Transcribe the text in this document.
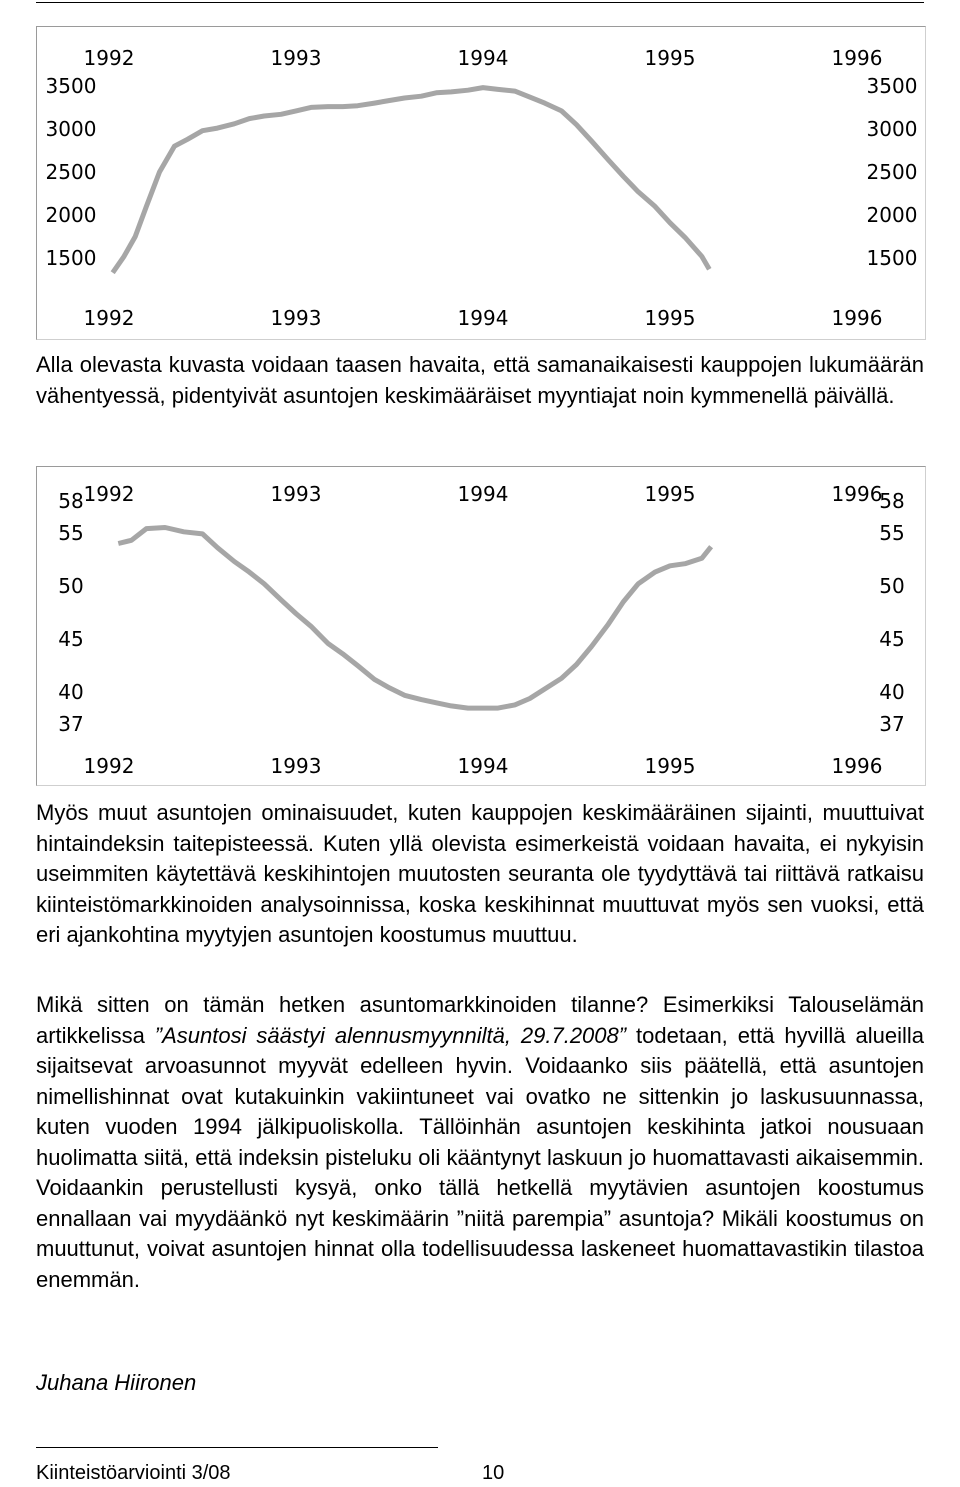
1992	1993	1994	1995	1996
1992	1993	1994	1995	1996
3500	3500
3000	3000
2500	2500
2000	2000
1500	1500

Alla olevasta kuvasta voidaan taasen havaita, että samanaikaisesti kauppojen lukumäärän vähentyessä, pidentyivät asuntojen keskimääräiset myyntiajat noin kymmenellä päivällä.

1992	1993	1994	1995	1996
1992	1993	1994	1995	1996
58	58
55	55
50	50
45	45
40	40
37	37

Myös muut asuntojen ominaisuudet, kuten kauppojen keskimääräinen sijainti, muuttuivat hintaindeksin taitepisteessä. Kuten yllä olevista esimerkeistä voidaan havaita, ei nykyisin useimmiten käytettävä keskihintojen muutosten seuranta ole tyydyttävä tai riittävä ratkaisu kiinteistömarkkinoiden analysoinnissa, koska keskihinnat muuttuvat myös sen vuoksi, että eri ajankohtina myytyjen asuntojen koostumus muuttuu.

Mikä sitten on tämän hetken asuntomarkkinoiden tilanne? Esimerkiksi Talouselämän artikkelissa ”Asuntosi säästyi alennusmyynniltä, 29.7.2008” todetaan, että hyvillä alueilla sijaitsevat arvoasunnot myyvät edelleen hyvin. Voidaanko siis päätellä, että asuntojen nimellishinnat ovat kutakuinkin vakiintuneet vai ovatko ne sittenkin jo laskusuunnassa, kuten vuoden 1994 jälkipuoliskolla. Tällöinhän asuntojen keskihinta jatkoi nousuaan huolimatta siitä, että indeksin pisteluku oli kääntynyt laskuun jo huomattavasti aikaisemmin. Voidaankin perustellusti kysyä, onko tällä hetkellä myytävien asuntojen koostumus ennallaan vai myydäänkö nyt keskimäärin ”niitä parempia” asuntoja? Mikäli koostumus on muuttunut, voivat asuntojen hinnat olla todellisuudessa laskeneet huomattavastikin tilastoa enemmän.

Juhana Hiironen

Kiinteistöarviointi 3/08	10
